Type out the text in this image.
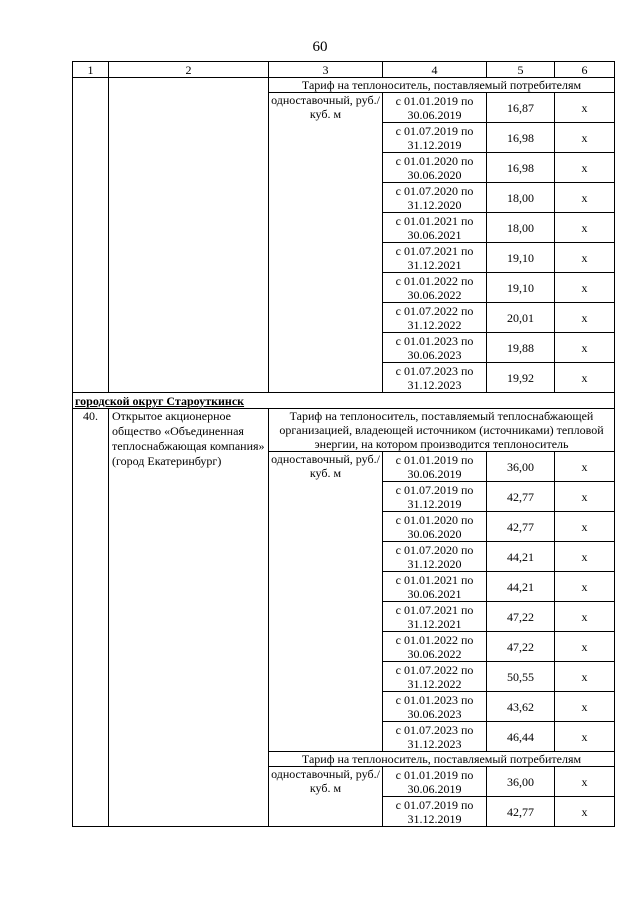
60
1	2	3	4	5	6
		Тариф на теплоноситель, поставляемый потребителям			
		одноставочный, руб./куб. м	с 01.01.2019 по 30.06.2019	16,87	х
			с 01.07.2019 по 31.12.2019	16,98	х
			с 01.01.2020 по 30.06.2020	16,98	х
			с 01.07.2020 по 31.12.2020	18,00	х
			с 01.01.2021 по 30.06.2021	18,00	х
			с 01.07.2021 по 31.12.2021	19,10	х
			с 01.01.2022 по 30.06.2022	19,10	х
			с 01.07.2022 по 31.12.2022	20,01	х
			с 01.01.2023 по 30.06.2023	19,88	х
			с 01.07.2023 по 31.12.2023	19,92	х
городской округ Староуткинск					
40.	Открытое акционерное общество «Объединенная теплоснабжающая компания» (город Екатеринбург)	Тариф на теплоноситель, поставляемый теплоснабжающей организацией, владеющей источником (источниками) тепловой энергии, на котором производится теплоноситель			
		одноставочный, руб./куб. м	с 01.01.2019 по 30.06.2019	36,00	х
			с 01.07.2019 по 31.12.2019	42,77	х
			с 01.01.2020 по 30.06.2020	42,77	х
			с 01.07.2020 по 31.12.2020	44,21	х
			с 01.01.2021 по 30.06.2021	44,21	х
			с 01.07.2021 по 31.12.2021	47,22	х
			с 01.01.2022 по 30.06.2022	47,22	х
			с 01.07.2022 по 31.12.2022	50,55	х
			с 01.01.2023 по 30.06.2023	43,62	х
			с 01.07.2023 по 31.12.2023	46,44	х
		Тариф на теплоноситель, поставляемый потребителям			
		одноставочный, руб./куб. м	с 01.01.2019 по 30.06.2019	36,00	х
			с 01.07.2019 по 31.12.2019	42,77	х
